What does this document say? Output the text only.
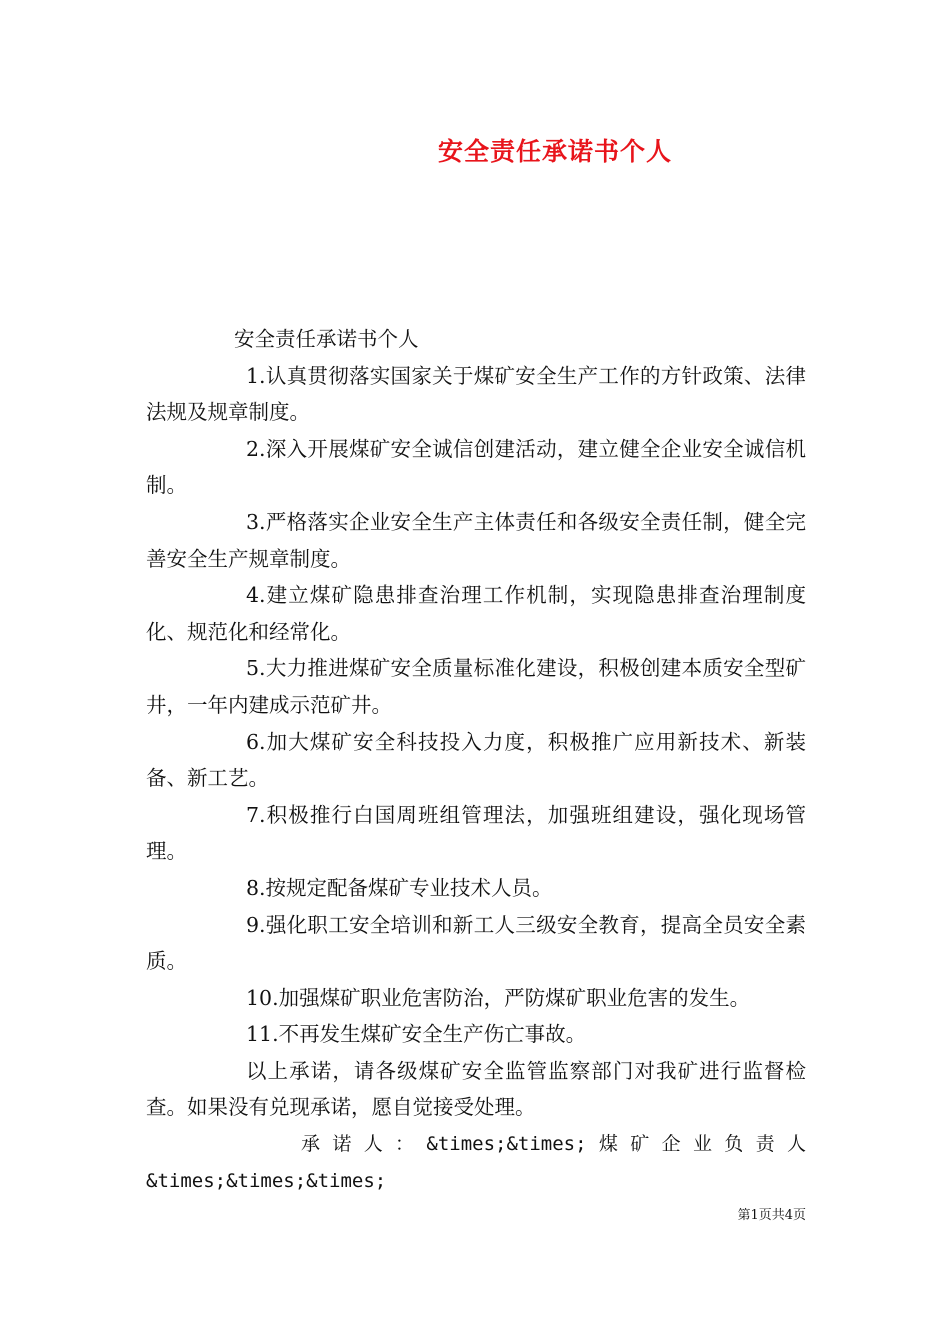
安全责任承诺书个人

安全责任承诺书个人

1.认真贯彻落实国家关于煤矿安全生产工作的方针政策、法律法规及规章制度。

2.深入开展煤矿安全诚信创建活动，建立健全企业安全诚信机制。

3.严格落实企业安全生产主体责任和各级安全责任制，健全完善安全生产规章制度。

4.建立煤矿隐患排查治理工作机制，实现隐患排查治理制度化、规范化和经常化。

5.大力推进煤矿安全质量标准化建设，积极创建本质安全型矿井，一年内建成示范矿井。

6.加大煤矿安全科技投入力度，积极推广应用新技术、新装备、新工艺。

7.积极推行白国周班组管理法，加强班组建设，强化现场管理。

8.按规定配备煤矿专业技术人员。

9.强化职工安全培训和新工人三级安全教育，提高全员安全素质。

10.加强煤矿职业危害防治，严防煤矿职业危害的发生。

11.不再发生煤矿安全生产伤亡事故。

以上承诺，请各级煤矿安全监管监察部门对我矿进行监督检查。如果没有兑现承诺，愿自觉接受处理。

承诺人：&times;&times;煤矿企业负责人

&times;&times;&times;

第1页共4页
